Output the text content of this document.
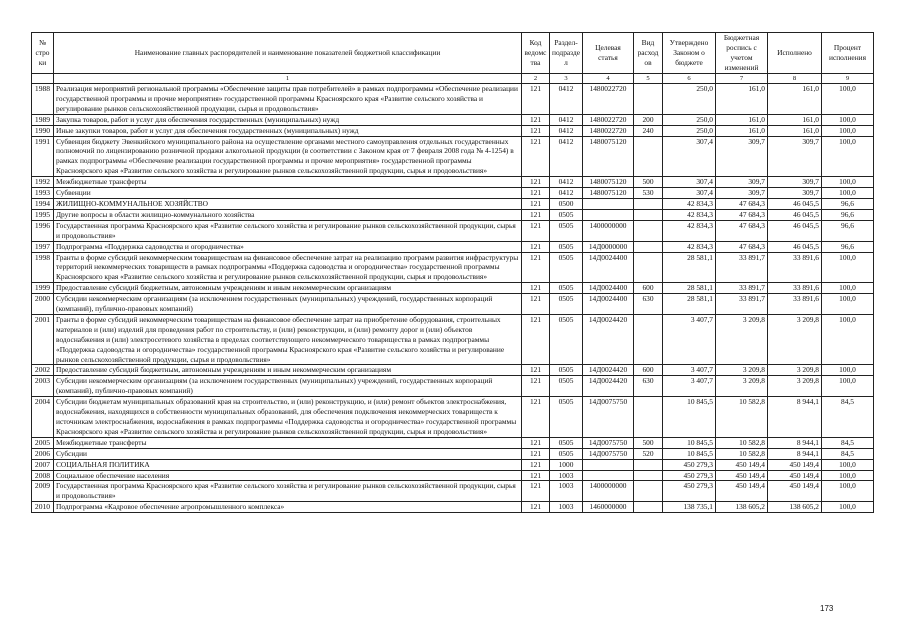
№ строки	Наименование главных распорядителей и наименование показателей бюджетной классификации	Код ведомства	Раздел-подраздел	Целевая статья	Вид расходов	Утверждено Законом о бюджете	Бюджетная роспись с учетом изменений	Исполнено	Процент исполнения
	1	2	3	4	5	6	7	8	9
1988	Реализация мероприятий региональной программы «Обеспечение защиты прав потребителей» в рамках подпрограммы «Обеспечение реализации государственной программы и прочие мероприятия» государственной программы Красноярского края «Развитие сельского хозяйства и регулирование рынков сельскохозяйственной продукции, сырья и продовольствия»	121	0412	1480022720		250,0	161,0	161,0	100,0
1989	Закупка товаров, работ и услуг для обеспечения государственных (муниципальных) нужд	121	0412	1480022720	200	250,0	161,0	161,0	100,0
1990	Иные закупки товаров, работ и услуг для обеспечения государственных (муниципальных) нужд	121	0412	1480022720	240	250,0	161,0	161,0	100,0
1991	Субвенция бюджету Эвенкийского муниципального района на осуществление органами местного самоуправления отдельных государственных полномочий по лицензированию розничной продажи алкогольной продукции (в соответствии с Законом края от 7 февраля 2008 года № 4-1254) в рамках подпрограммы «Обеспечение реализации государственной программы и прочие мероприятия» государственной программы Красноярского края «Развитие сельского хозяйства и регулирование рынков сельскохозяйственной продукции, сырья и продовольствия»	121	0412	1480075120		307,4	309,7	309,7	100,0
1992	Межбюджетные трансферты	121	0412	1480075120	500	307,4	309,7	309,7	100,0
1993	Субвенции	121	0412	1480075120	530	307,4	309,7	309,7	100,0
1994	ЖИЛИЩНО-КОММУНАЛЬНОЕ ХОЗЯЙСТВО	121	0500			42 834,3	47 684,3	46 045,5	96,6
1995	Другие вопросы в области жилищно-коммунального хозяйства	121	0505			42 834,3	47 684,3	46 045,5	96,6
1996	Государственная программа Красноярского края «Развитие сельского хозяйства и регулирование рынков сельскохозяйственной продукции, сырья и продовольствия»	121	0505	1400000000		42 834,3	47 684,3	46 045,5	96,6
1997	Подпрограмма «Поддержка садоводства и огородничества»	121	0505	14Д0000000		42 834,3	47 684,3	46 045,5	96,6
1998	Гранты в форме субсидий некоммерческим товариществам на финансовое обеспечение затрат на реализацию программ развития инфраструктуры территорий некоммерческих товариществ в рамках подпрограммы «Поддержка садоводства и огородничества» государственной программы Красноярского края «Развитие сельского хозяйства и регулирование рынков сельскохозяйственной продукции, сырья и продовольствия»	121	0505	14Д0024400		28 581,1	33 891,7	33 891,6	100,0
1999	Предоставление субсидий бюджетным, автономным учреждениям и иным некоммерческим организациям	121	0505	14Д0024400	600	28 581,1	33 891,7	33 891,6	100,0
2000	Субсидии некоммерческим организациям (за исключением государственных (муниципальных) учреждений, государственных корпораций (компаний), публично-правовых компаний)	121	0505	14Д0024400	630	28 581,1	33 891,7	33 891,6	100,0
2001	Гранты в форме субсидий некоммерческим товариществам на финансовое обеспечение затрат на приобретение оборудования, строительных материалов и (или) изделий для проведения работ по строительству, и (или) реконструкции, и (или) ремонту дорог и (или) объектов водоснабжения и (или) электросетевого хозяйства в пределах соответствующего некоммерческого товарищества в рамках подпрограммы «Поддержка садоводства и огородничества» государственной программы Красноярского края «Развитие сельского хозяйства и регулирование рынков сельскохозяйственной продукции, сырья и продовольствия»	121	0505	14Д0024420		3 407,7	3 209,8	3 209,8	100,0
2002	Предоставление субсидий бюджетным, автономным учреждениям и иным некоммерческим организациям	121	0505	14Д0024420	600	3 407,7	3 209,8	3 209,8	100,0
2003	Субсидии некоммерческим организациям (за исключением государственных (муниципальных) учреждений, государственных корпораций (компаний), публично-правовых компаний)	121	0505	14Д0024420	630	3 407,7	3 209,8	3 209,8	100,0
2004	Субсидии бюджетам муниципальных образований края на строительство, и (или) реконструкцию, и (или) ремонт объектов электроснабжения, водоснабжения, находящихся в собственности муниципальных образований, для обеспечения подключения некоммерческих товариществ к источникам электроснабжения, водоснабжения в рамках подпрограммы «Поддержка садоводства и огородничества» государственной программы Красноярского края «Развитие сельского хозяйства и регулирование рынков сельскохозяйственной продукции, сырья и продовольствия»	121	0505	14Д0075750		10 845,5	10 582,8	8 944,1	84,5
2005	Межбюджетные трансферты	121	0505	14Д0075750	500	10 845,5	10 582,8	8 944,1	84,5
2006	Субсидии	121	0505	14Д0075750	520	10 845,5	10 582,8	8 944,1	84,5
2007	СОЦИАЛЬНАЯ ПОЛИТИКА	121	1000			450 279,3	450 149,4	450 149,4	100,0
2008	Социальное обеспечение населения	121	1003			450 279,3	450 149,4	450 149,4	100,0
2009	Государственная программа Красноярского края «Развитие сельского хозяйства и регулирование рынков сельскохозяйственной продукции, сырья и продовольствия»	121	1003	1400000000		450 279,3	450 149,4	450 149,4	100,0
2010	Подпрограмма «Кадровое обеспечение агропромышленного комплекса»	121	1003	1460000000		138 735,1	138 605,2	138 605,2	100,0
173
